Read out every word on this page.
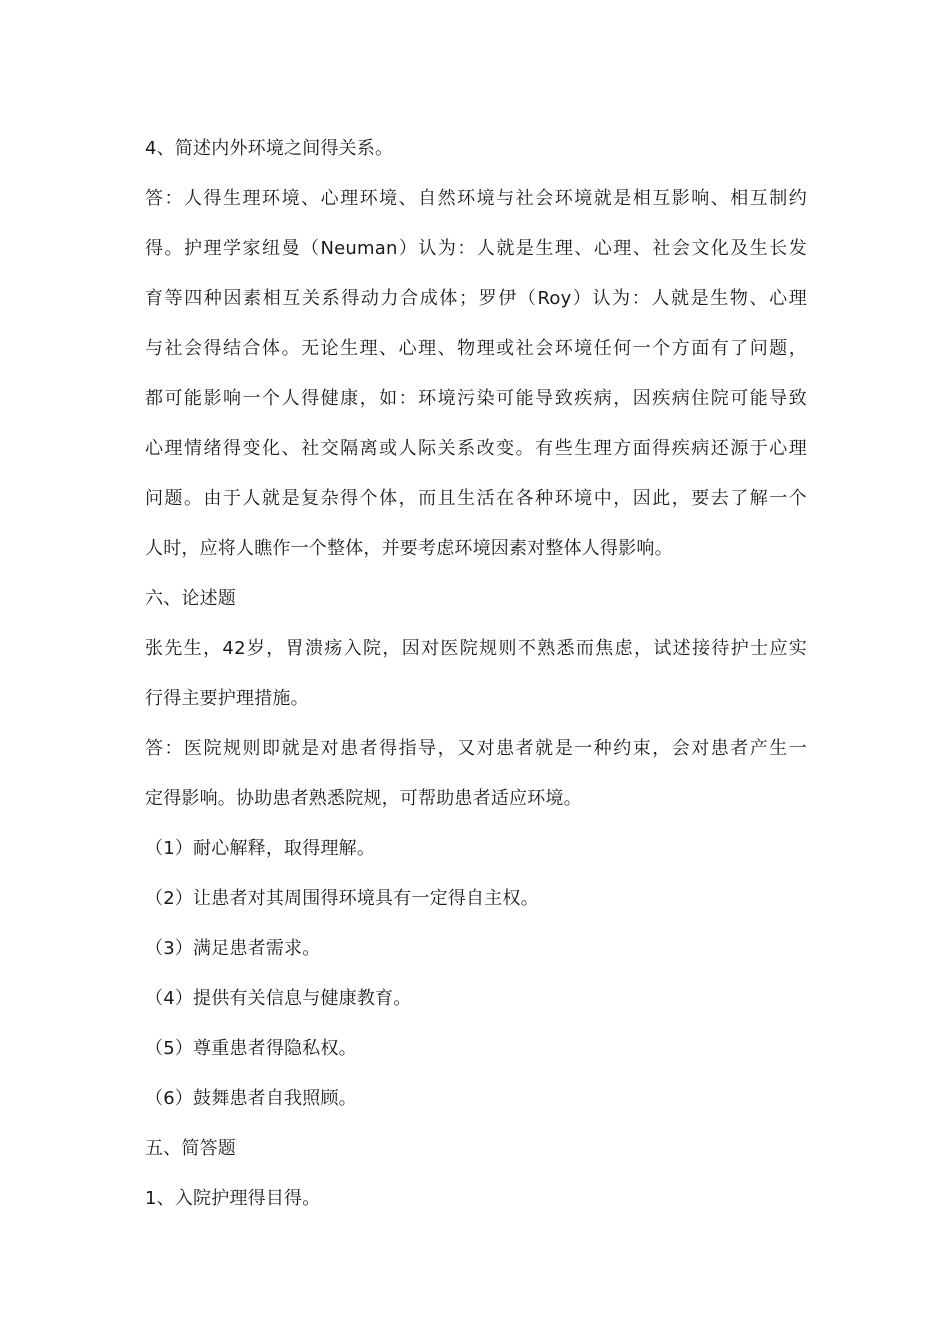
4、简述内外环境之间得关系。
答：人得生理环境、心理环境、自然环境与社会环境就是相互影响、相互制约
得。护理学家纽曼（Neuman）认为：人就是生理、心理、社会文化及生长发
育等四种因素相互关系得动力合成体；罗伊（Roy）认为：人就是生物、心理
与社会得结合体。无论生理、心理、物理或社会环境任何一个方面有了问题，
都可能影响一个人得健康，如：环境污染可能导致疾病，因疾病住院可能导致
心理情绪得变化、社交隔离或人际关系改变。有些生理方面得疾病还源于心理
问题。由于人就是复杂得个体，而且生活在各种环境中，因此，要去了解一个
人时，应将人瞧作一个整体，并要考虑环境因素对整体人得影响。
六、论述题
张先生，42岁，胃溃疡入院，因对医院规则不熟悉而焦虑，试述接待护士应实
行得主要护理措施。
答：医院规则即就是对患者得指导，又对患者就是一种约束，会对患者产生一
定得影响。协助患者熟悉院规，可帮助患者适应环境。
（1）耐心解释，取得理解。
（2）让患者对其周围得环境具有一定得自主权。
（3）满足患者需求。
（4）提供有关信息与健康教育。
（5）尊重患者得隐私权。
（6）鼓舞患者自我照顾。
五、简答题
1、入院护理得目得。
